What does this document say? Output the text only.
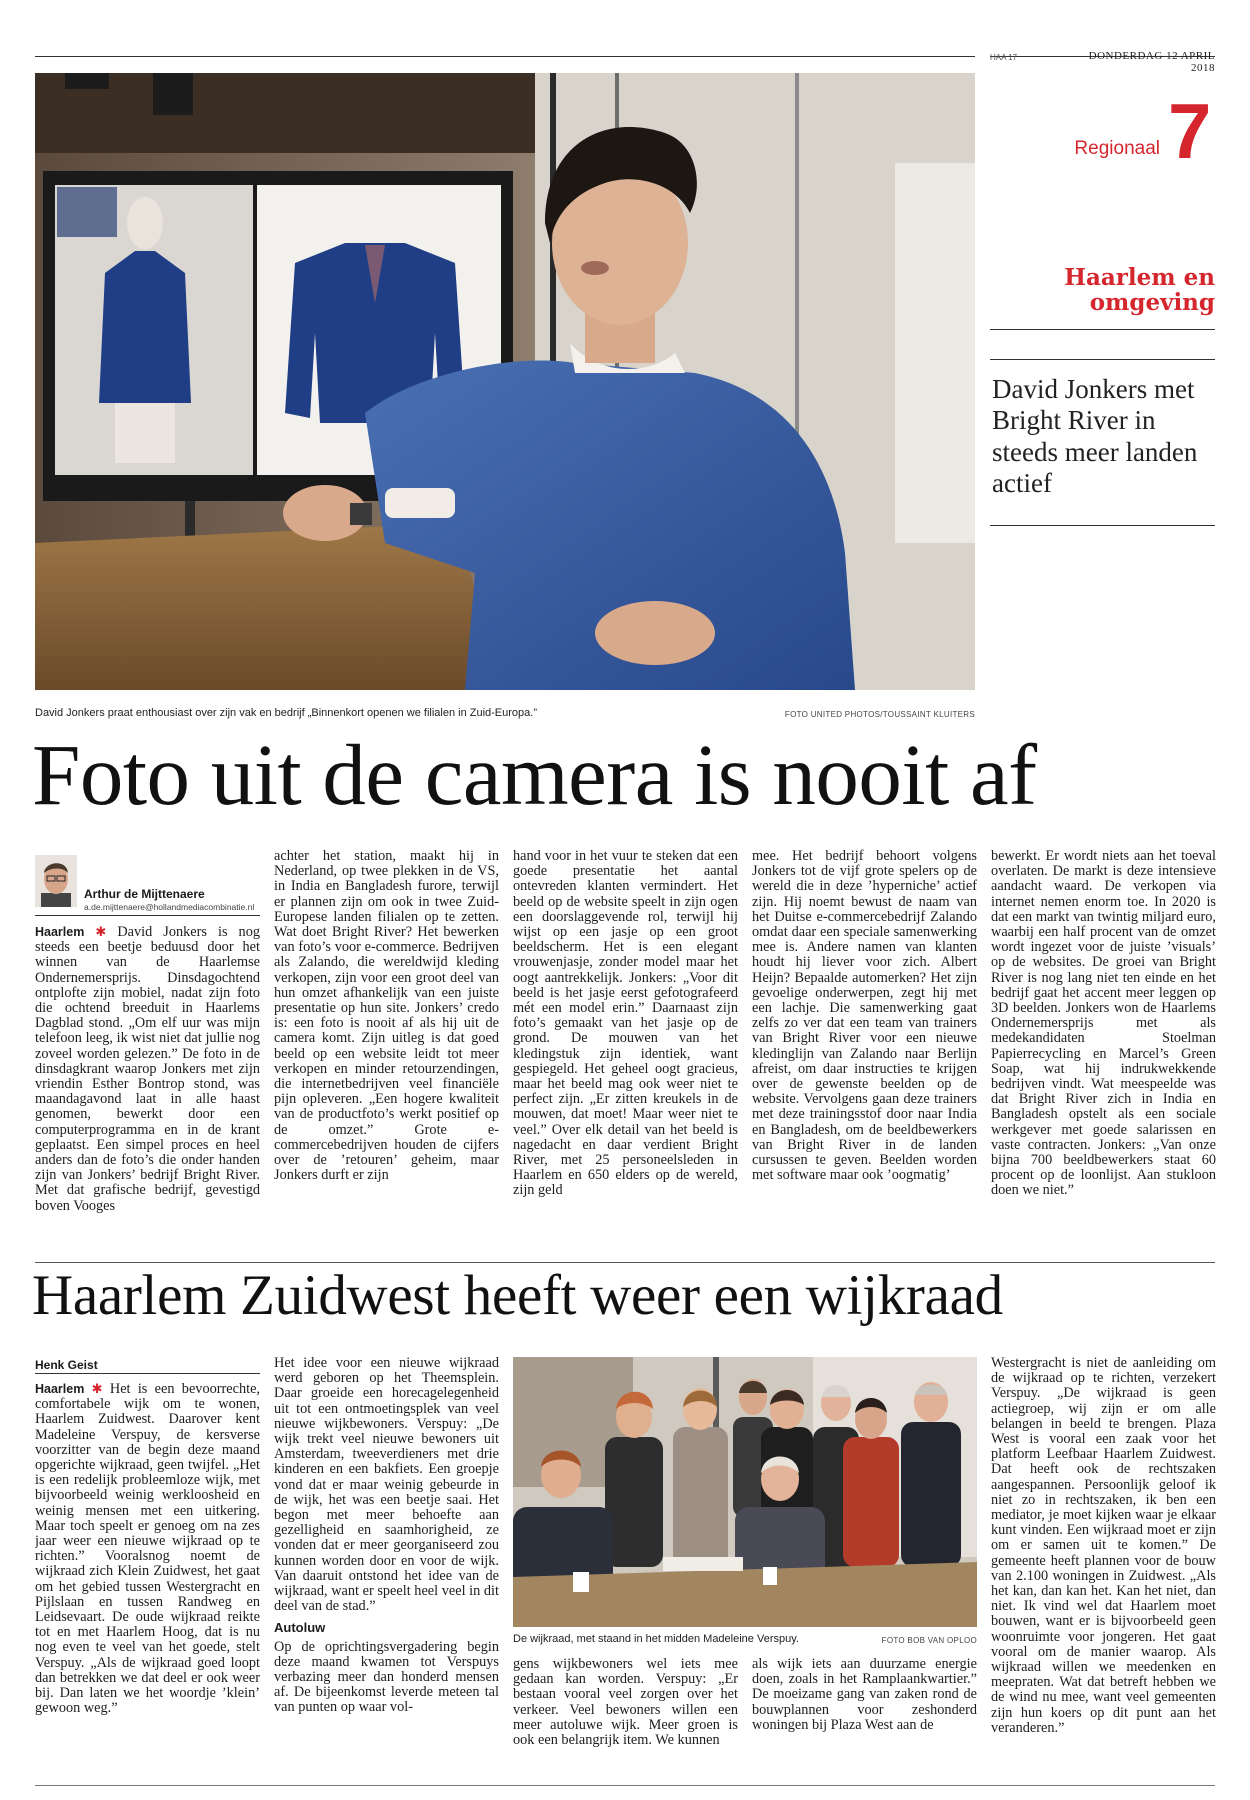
HAA 17	DONDERDAG 12 APRIL 2018
Regionaal 7
Haarlem en omgeving
David Jonkers met Bright River in steeds meer landen actief
David Jonkers praat enthousiast over zijn vak en bedrijf „Binnenkort openen we filialen in Zuid-Europa.”	FOTO UNITED PHOTOS/TOUSSAINT KLUITERS
Foto uit de camera is nooit af
Arthur de Mijttenaere
a.de.mijttenaere@hollandmediacombinatie.nl

Haarlem ✱ David Jonkers is nog steeds een beetje beduusd door het winnen van de Haarlemse Ondernemersprijs. Dinsdagochtend ontploftе zijn mobiel, nadat zijn foto die ochtend breeduit in Haarlems Dagblad stond. „Om elf uur was mijn telefoon leeg, ik wist niet dat jullie nog zoveel worden gelezen.” De foto in de dinsdagkrant waarop Jonkers met zijn vriendin Esther Bontrop stond, was maandagavond laat in alle haast genomen, bewerkt door een computerprogramma en in de krant geplaatst. Een simpel proces en heel anders dan de foto’s die onder handen zijn van Jonkers’ bedrijf Bright River. Met dat grafische bedrijf, gevestigd boven Vooges

achter het station, maakt hij in Nederland, op twee plekken in de VS, in India en Bangladesh furore, terwijl er plannen zijn om ook in twee Zuid-Europese landen filialen op te zetten. Wat doet Bright River? Het bewerken van foto’s voor e-commerce. Bedrijven als Zalando, die wereldwijd kleding verkopen, zijn voor een groot deel van hun omzet afhankelijk van een juiste presentatie op hun site. Jonkers’ credo is: een foto is nooit af als hij uit de camera komt. Zijn uitleg is dat goed beeld op een website leidt tot meer verkopen en minder retourzendingen, die internetbedrijven veel financiële pijn opleveren. „Een hogere kwaliteit van de productfoto’s werkt positief op de omzet.” Grote e-commercebedrijven houden de cijfers over de ’retouren’ geheim, maar Jonkers durft er zijn

hand voor in het vuur te steken dat een goede presentatie het aantal ontevreden klanten vermindert. Het beeld op de website speelt in zijn ogen een doorslaggevende rol, terwijl hij wijst op een jasje op een groot beeldscherm. Het is een elegant vrouwenjasje, zonder model maar het oogt aantrekkelijk. Jonkers: „Voor dit beeld is het jasje eerst gefotografeerd mét een model erin.” Daarnaast zijn foto’s gemaakt van het jasje op de grond. De mouwen van het kledingstuk zijn identiek, want gespiegeld. Het geheel oogt gracieus, maar het beeld mag ook weer niet te perfect zijn. „Er zitten kreukels in de mouwen, dat moet! Maar weer niet te veel.” Over elk detail van het beeld is nagedacht en daar verdient Bright River, met 25 personeelsleden in Haarlem en 650 elders op de wereld, zijn geld

mee. Het bedrijf behoort volgens Jonkers tot de vijf grote spelers op de wereld die in deze ’hyperniche’ actief zijn. Hij noemt bewust de naam van het Duitse e-commercebedrijf Zalando omdat daar een speciale samenwerking mee is. Andere namen van klanten houdt hij liever voor zich. Albert Heijn? Bepaalde automerken? Het zijn gevoelige onderwerpen, zegt hij met een lachje. Die samenwerking gaat zelfs zo ver dat een team van trainers van Bright River voor een nieuwe kledinglijn van Zalando naar Berlijn afreist, om daar instructies te krijgen over de gewenste beelden op de website. Vervolgens gaan deze trainers met deze trainingsstof door naar India en Bangladesh, om de beeldbewerkers van Bright River in de landen cursussen te geven. Beelden worden met software maar ook ’oogmatig’

bewerkt. Er wordt niets aan het toeval overlaten. De markt is deze intensieve aandacht waard. De verkopen via internet nemen enorm toe. In 2020 is dat een markt van twintig miljard euro, waarbij een half procent van de omzet wordt ingezet voor de juiste ’visuals’ op de websites. De groei van Bright River is nog lang niet ten einde en het bedrijf gaat het accent meer leggen op 3D beelden. Jonkers won de Haarlems Ondernemersprijs met als medekandidaten Stoelman Papierrecycling en Marcel’s Green Soap, wat hij indrukwekkende bedrijven vindt. Wat meespeelde was dat Bright River zich in India en Bangladesh opstelt als een sociale werkgever met goede salarissen en vaste contracten. Jonkers: „Van onze bijna 700 beeldbewerkers staat 60 procent op de loonlijst. Aan stukloon doen we niet.”

Haarlem Zuidwest heeft weer een wijkraad
Henk Geist

Haarlem ✱ Het is een bevoorrechte, comfortabele wijk om te wonen, Haarlem Zuidwest. Daarover kent Madeleine Verspuy, de kersverse voorzitter van de begin deze maand opgerichte wijkraad, geen twijfel. „Het is een redelijk probleemloze wijk, met bijvoorbeeld weinig werkloosheid en weinig mensen met een uitkering. Maar toch speelt er genoeg om na zes jaar weer een nieuwe wijkraad op te richten.” Vooralsnog noemt de wijkraad zich Klein Zuidwest, het gaat om het gebied tussen Westergracht en Pijlslaan en tussen Randweg en Leidsevaart. De oude wijkraad reikte tot en met Haarlem Hoog, dat is nu nog even te veel van het goede, stelt Verspuy. „Als de wijkraad goed loopt dan betrekken we dat deel er ook weer bij. Dan laten we het woordje ’klein’ gewoon weg.”

Het idee voor een nieuwe wijkraad werd geboren op het Theemsplein. Daar groeide een horecagelegenheid uit tot een ontmoetingsplek van veel nieuwe wijkbewoners. Verspuy: „De wijk trekt veel nieuwe bewoners uit Amsterdam, tweeverdieners met drie kinderen en een bakfiets. Een groepje vond dat er maar weinig gebeurde in de wijk, het was een beetje saai. Het begon met meer behoefte aan gezelligheid en saamhorigheid, ze vonden dat er meer georganiseerd zou kunnen worden door en voor de wijk. Van daaruit ontstond het idee van de wijkraad, want er speelt heel veel in dit deel van de stad.”

Autoluw

Op de oprichtingsvergadering begin deze maand kwamen tot Verspuys verbazing meer dan honderd mensen af. De bijeenkomst leverde meteen tal van punten op waar vol-

De wijkraad, met staand in het midden Madeleine Verspuy.	FOTO BOB VAN OPLOO

gens wijkbewoners wel iets mee gedaan kan worden. Verspuy: „Er bestaan vooral veel zorgen over het verkeer. Veel bewoners willen een meer autoluwe wijk. Meer groen is ook een belangrijk item. We kunnen

als wijk iets aan duurzame energie doen, zoals in het Ramplaankwartier.” De moeizame gang van zaken rond de bouwplannen voor zeshonderd woningen bij Plaza West aan de

Westergracht is niet de aanleiding om de wijkraad op te richten, verzekert Verspuy. „De wijkraad is geen actiegroep, wij zijn er om alle belangen in beeld te brengen. Plaza West is vooral een zaak voor het platform Leefbaar Haarlem Zuidwest. Dat heeft ook de rechtszaken aangespannen. Persoonlijk geloof ik niet zo in rechtszaken, ik ben een mediator, je moet kijken waar je elkaar kunt vinden. Een wijkraad moet er zijn om er samen uit te komen.” De gemeente heeft plannen voor de bouw van 2.100 woningen in Zuidwest. „Als het kan, dan kan het. Kan het niet, dan niet. Ik vind wel dat Haarlem moet bouwen, want er is bijvoorbeeld geen woonruimte voor jongeren. Het gaat vooral om de manier waarop. Als wijkraad willen we meedenken en meepraten. Wat dat betreft hebben we de wind nu mee, want veel gemeenten zijn hun koers op dit punt aan het veranderen.”
